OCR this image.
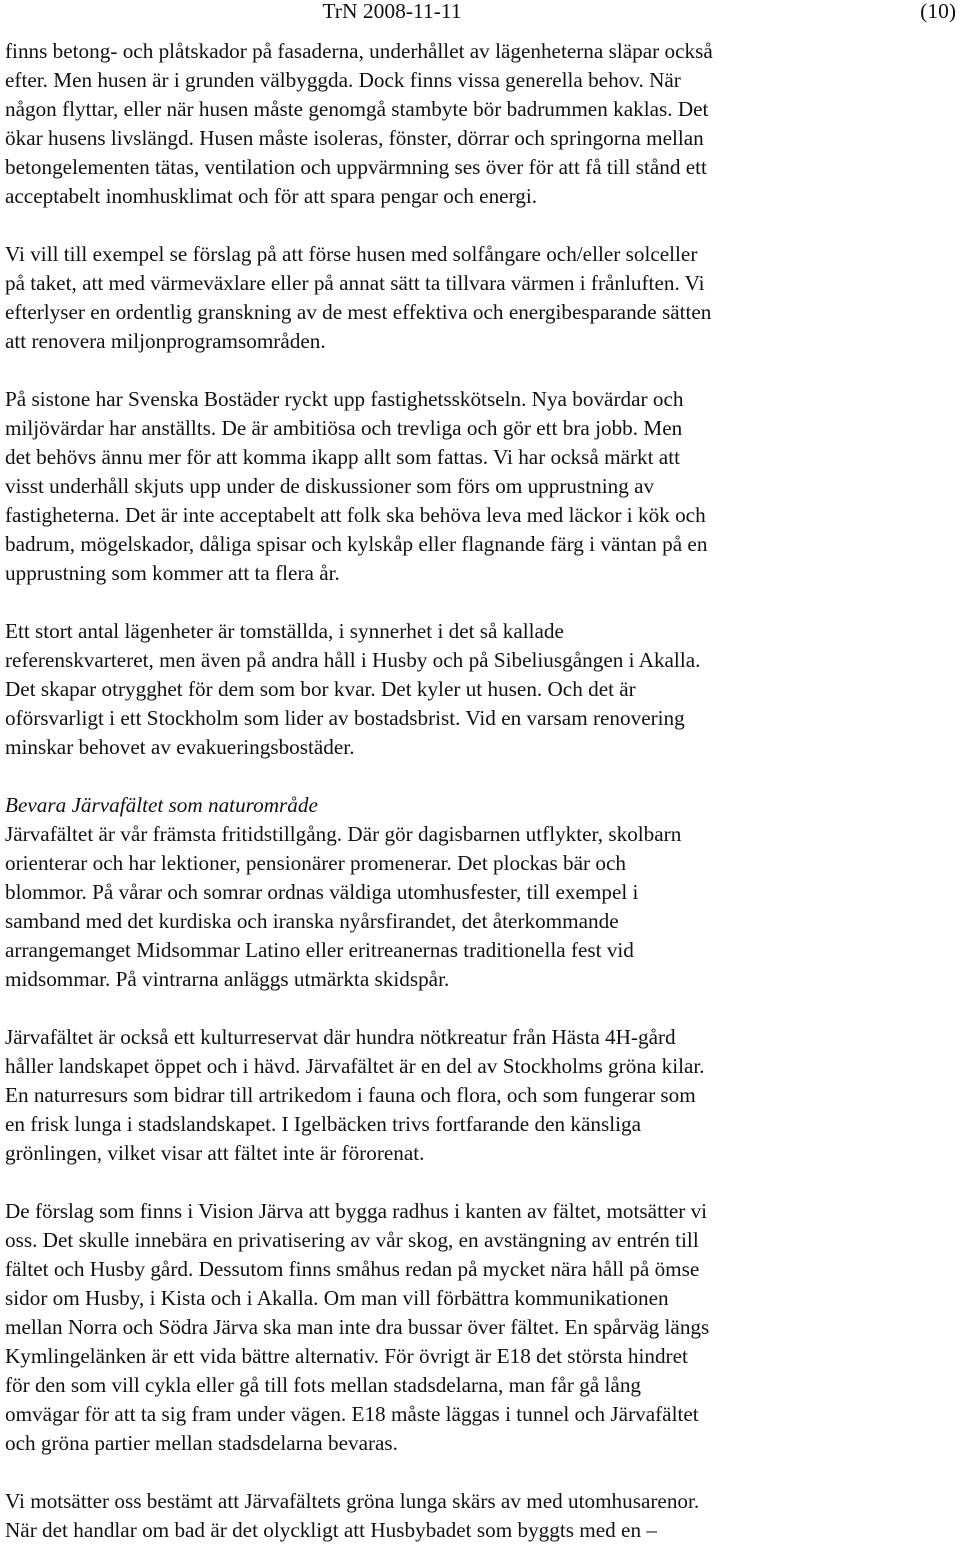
TrN 2008-11-11	(10)
finns betong- och plåtskador på fasaderna, underhållet av lägenheterna släpar också
efter. Men husen är i grunden välbyggda. Dock finns vissa generella behov. När
någon flyttar, eller när husen måste genomgå stambyte bör badrummen kaklas. Det
ökar husens livslängd. Husen måste isoleras, fönster, dörrar och springorna mellan
betongelementen tätas, ventilation och uppvärmning ses över för att få till stånd ett
acceptabelt inomhusklimat och för att spara pengar och energi.
Vi vill till exempel se förslag på att förse husen med solfångare och/eller solceller
på taket, att med värmeväxlare eller på annat sätt ta tillvara värmen i frånluften. Vi
efterlyser en ordentlig granskning av de mest effektiva och energibesparande sätten
att renovera miljonprogramsområden.
På sistone har Svenska Bostäder ryckt upp fastighetsskötseln. Nya bovärdar och
miljövärdar har anställts. De är ambitiösa och trevliga och gör ett bra jobb. Men
det behövs ännu mer för att komma ikapp allt som fattas. Vi har också märkt att
visst underhåll skjuts upp under de diskussioner som förs om upprustning av
fastigheterna. Det är inte acceptabelt att folk ska behöva leva med läckor i kök och
badrum, mögelskador, dåliga spisar och kylskåp eller flagnande färg i väntan på en
upprustning som kommer att ta flera år.
Ett stort antal lägenheter är tomställda, i synnerhet i det så kallade
referenskvarteret, men även på andra håll i Husby och på Sibeliusgången i Akalla.
Det skapar otrygghet för dem som bor kvar. Det kyler ut husen. Och det är
oförsvarligt i ett Stockholm som lider av bostadsbrist. Vid en varsam renovering
minskar behovet av evakueringsbostäder.
Bevara Järvafältet som naturområde
Järvafältet är vår främsta fritidstillgång. Där gör dagisbarnen utflykter, skolbarn
orienterar och har lektioner, pensionärer promenerar. Det plockas bär och
blommor. På vårar och somrar ordnas väldiga utomhusfester, till exempel i
samband med det kurdiska och iranska nyårsfirandet, det återkommande
arrangemanget Midsommar Latino eller eritreanernas traditionella fest vid
midsommar. På vintrarna anläggs utmärkta skidspår.
Järvafältet är också ett kulturreservat där hundra nötkreatur från Hästa 4H-gård
håller landskapet öppet och i hävd. Järvafältet är en del av Stockholms gröna kilar.
En naturresurs som bidrar till artrikedom i fauna och flora, och som fungerar som
en frisk lunga i stadslandskapet. I Igelbäcken trivs fortfarande den känsliga
grönlingen, vilket visar att fältet inte är förorenat.
De förslag som finns i Vision Järva att bygga radhus i kanten av fältet, motsätter vi
oss. Det skulle innebära en privatisering av vår skog, en avstängning av entrén till
fältet och Husby gård. Dessutom finns småhus redan på mycket nära håll på ömse
sidor om Husby, i Kista och i Akalla. Om man vill förbättra kommunikationen
mellan Norra och Södra Järva ska man inte dra bussar över fältet. En spårväg längs
Kymlingelänken är ett vida bättre alternativ. För övrigt är E18 det största hindret
för den som vill cykla eller gå till fots mellan stadsdelarna, man får gå lång
omvägar för att ta sig fram under vägen. E18 måste läggas i tunnel och Järvafältet
och gröna partier mellan stadsdelarna bevaras.
Vi motsätter oss bestämt att Järvafältets gröna lunga skärs av med utomhusarenor.
När det handlar om bad är det olyckligt att Husbybadet som byggts med en –
